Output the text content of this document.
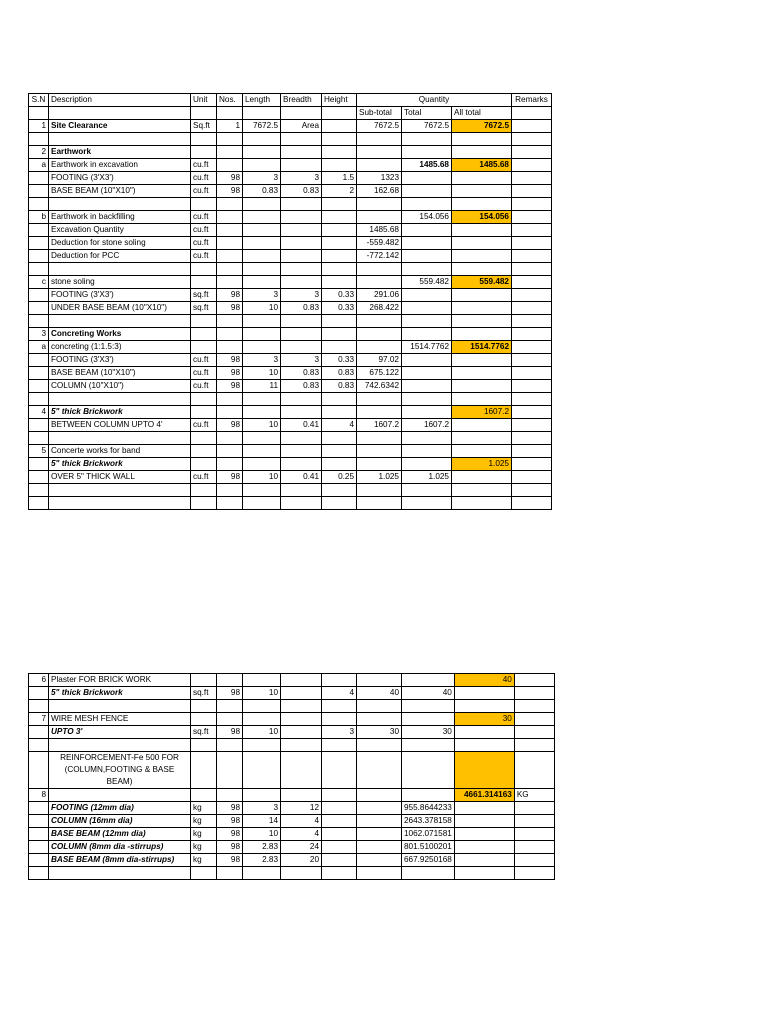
S.N	Description	Unit	Nos.	Length	Breadth	Height	Quantity			Remarks
							Sub-total	Total	All total	
1	Site Clearance	Sq.ft	1	7672.5	Area		7672.5	7672.5	7672.5	

2	Earthwork									
a	Earthwork in excavation	cu.ft						1485.68	1485.68	
	FOOTING (3'X3')	cu.ft	98	3	3	1.5	1323			
	BASE BEAM (10"X10")	cu.ft	98	0.83	0.83	2	162.68			

b	Earthwork in backfilling	cu.ft						154.056	154.056	
	Excavation Quantity	cu.ft					1485.68			
	Deduction for stone soling	cu.ft					-559.482			
	Deduction for PCC	cu.ft					-772.142			

c	stone soling							559.482	559.482	
	FOOTING (3'X3')	sq.ft	98	3	3	0.33	291.06			
	UNDER BASE BEAM (10"X10")	sq.ft	98	10	0.83	0.33	268.422			

3	Concreting Works									
a	concreting (1:1.5:3)							1514.7762	1514.7762	
	FOOTING (3'X3')	cu.ft	98	3	3	0.33	97.02			
	BASE BEAM (10"X10")	cu.ft	98	10	0.83	0.83	675.122			
	COLUMN (10"X10")	cu.ft	98	11	0.83	0.83	742.6342			

4	5" thick Brickwork								1607.2	
	BETWEEN COLUMN UPTO 4'	cu.ft	98	10	0.41	4	1607.2	1607.2		

5	Concerte works for band									
	5" thick Brickwork								1.025	
	OVER 5" THICK WALL	cu.ft	98	10	0.41	0.25	1.025	1.025		

6	Plaster FOR BRICK WORK								40	
	5" thick Brickwork	sq.ft	98	10		4	40	40		

7	WIRE MESH FENCE								30	
	UPTO 3'	sq.ft	98	10		3	30	30		

	REINFORCEMENT-Fe 500 FOR (COLUMN,FOOTING & BASE BEAM)									
8									4661.314163	KG
	FOOTING (12mm dia)	kg	98	3	12			955.8644233		
	COLUMN (16mm dia)	kg	98	14	4			2643.378158		
	BASE BEAM (12mm dia)	kg	98	10	4			1062.071581		
	COLUMN (8mm dia -stirrups)	kg	98	2.83	24			801.5100201		
	BASE BEAM (8mm dia-stirrups)	kg	98	2.83	20			667.9250168		
